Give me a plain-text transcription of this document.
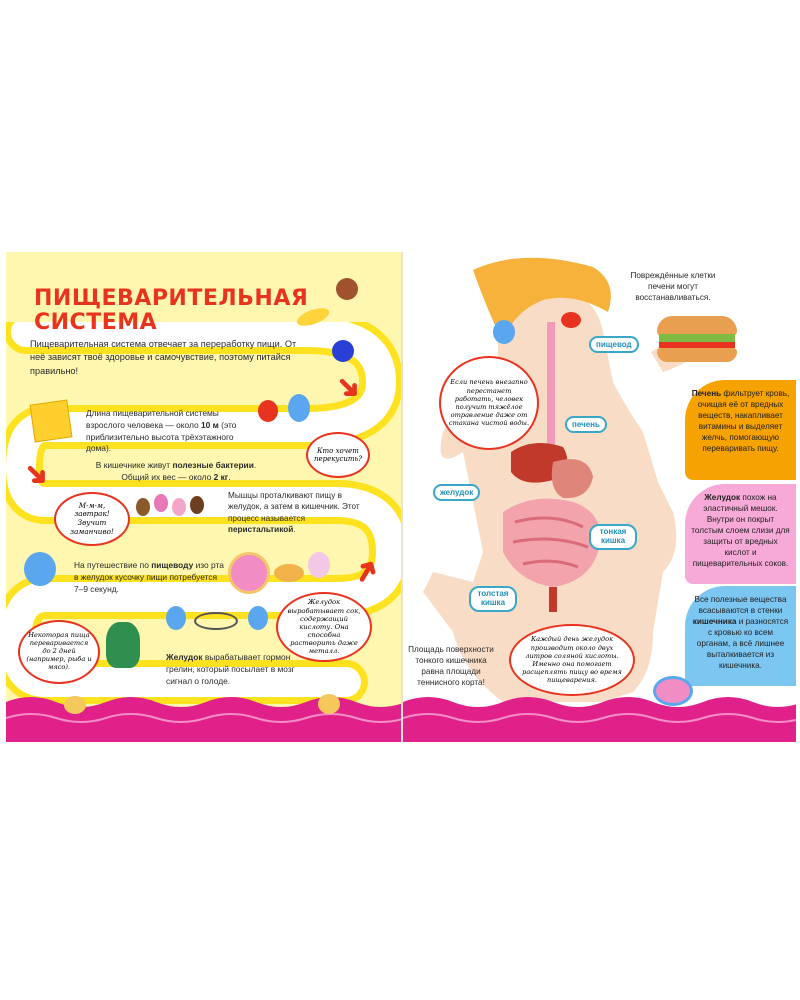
ПИЩЕВАРИТЕЛЬНАЯ
СИСТЕМА
Пищеварительная система отвечает за переработку пищи. От неё зависят твоё здоровье и самочувствие, поэтому питайся правильно!	➜
➜
➜
Длина пищеварительной системы взрослого человека — около 10 м (это приблизительно высота трёхэтажного дома).	Кто хочет перекусить?
В кишечнике живут полезные бактерии.
Общий их вес — около 2 кг.
М-м-м, завтрак! Звучит заманчиво!
Мышцы проталкивают пищу в желудок, а затем в кишечник. Этот процесс называется перистальтикой.
На путешествие по пищеводу изо рта в желудок кусочку пищи потребуется 7–9 секунд.
Некоторая пища переваривается до 2 дней (например, рыба и мясо).
Желудок вырабатывает сок, содержащий кислоту. Она способна растворить даже металл.
Желудок вырабатывает гормон грелин, который посылает в мозг сигнал о голоде.
Повреждённые клетки печени могут восстанавливаться.
пищевод
печень
желудок
тонкая кишка
толстая кишка
Если печень внезапно перестанет работать, человек получит тяжёлое отравление даже от стакана чистой воды.
Печень фильтрует кровь, очищая её от вредных веществ, накапливает витамины и выделяет желчь, помогающую переваривать пищу.
Желудок похож на эластичный мешок. Внутри он покрыт толстым слоем слизи для защиты от вредных кислот и пищеварительных соков.
Все полезные вещества всасываются в стенки кишечника и разносятся с кровью ко всем органам, а всё лишнее выталкивается из кишечника.
Площадь поверхности тонкого кишечника равна площади теннисного корта!
Каждый день желудок производит около двух литров соляной кислоты. Именно она помогает расщеплять пищу во время пищеварения.
